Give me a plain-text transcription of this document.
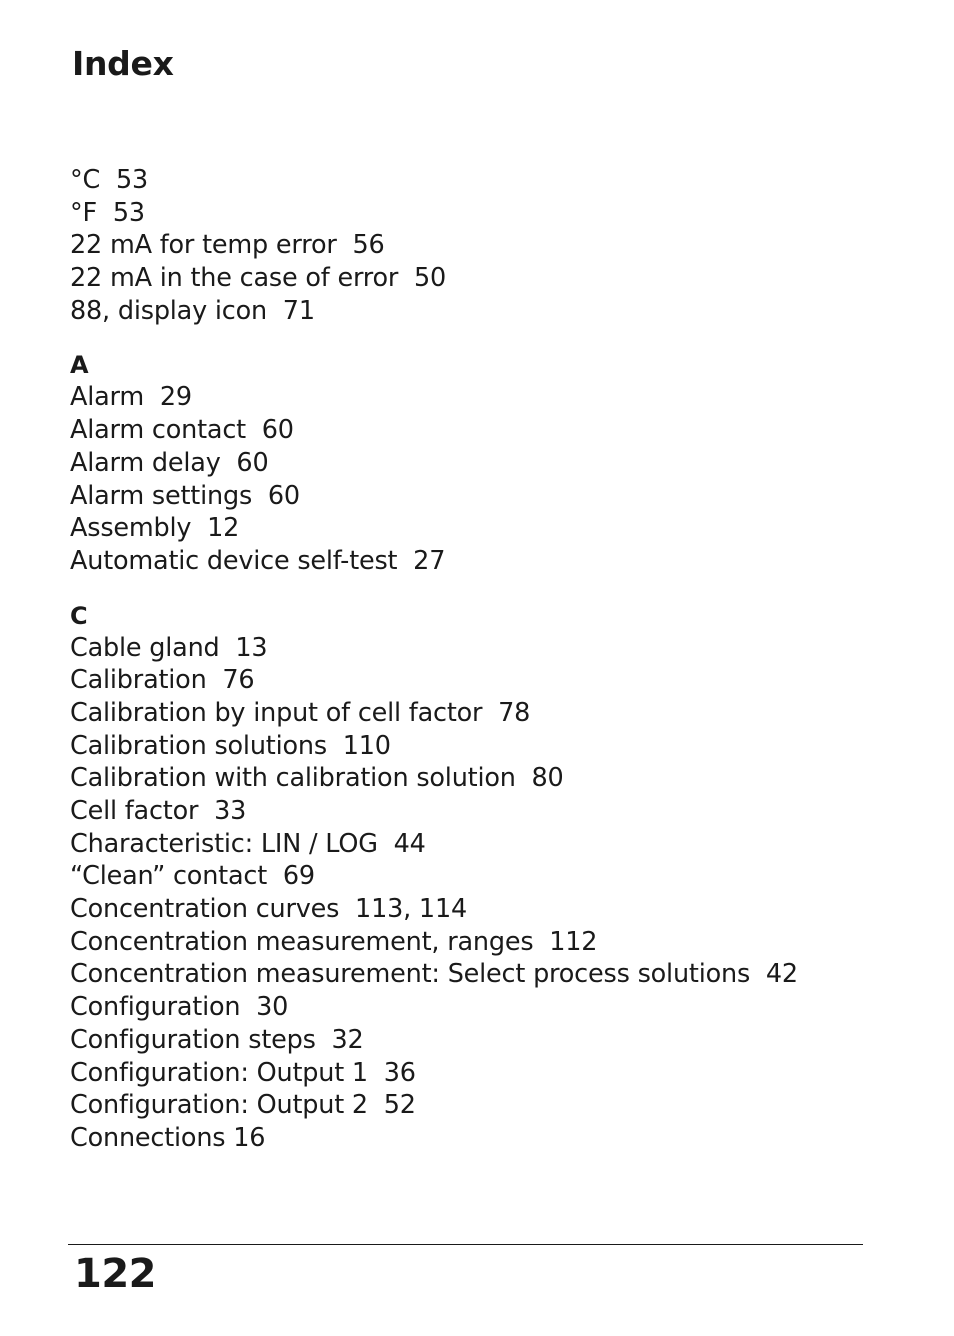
Index
°C  53
°F  53
22 mA for temp error  56
22 mA in the case of error  50
88, display icon  71
A
Alarm  29
Alarm contact  60
Alarm delay  60
Alarm settings  60
Assembly  12
Automatic device self-test  27
C
Cable gland  13
Calibration  76
Calibration by input of cell factor  78
Calibration solutions  110
Calibration with calibration solution  80
Cell factor  33
Characteristic: LIN / LOG  44
“Clean” contact  69
Concentration curves  113, 114
Concentration measurement, ranges  112
Concentration measurement: Select process solutions  42
Configuration  30
Configuration steps  32
Configuration: Output 1  36
Configuration: Output 2  52
Connections 16
122
